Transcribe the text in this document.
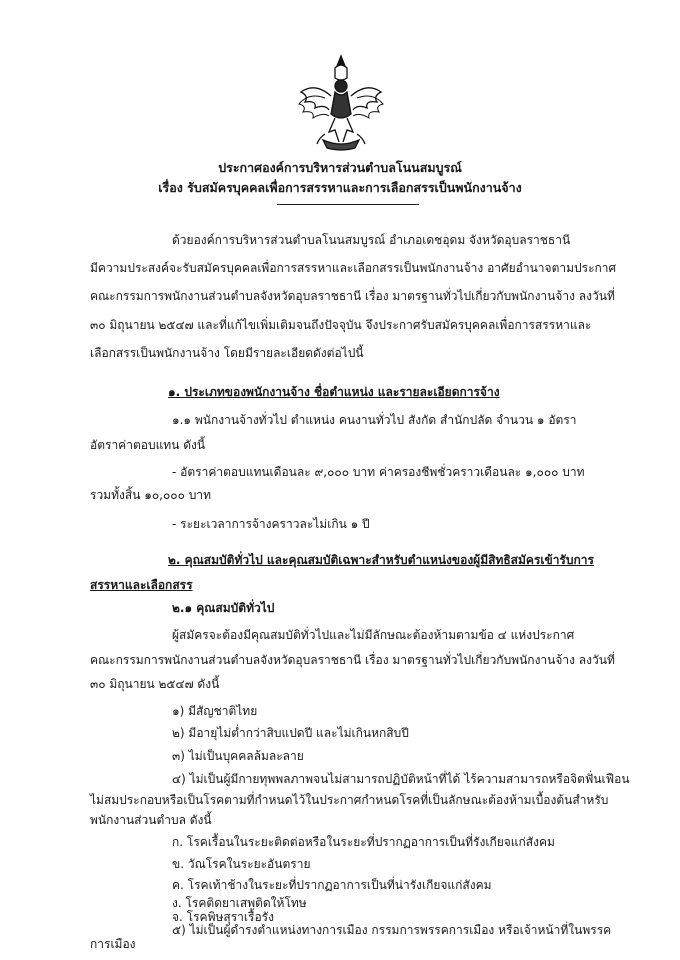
ประกาศองค์การบริหารส่วนตำบลโนนสมบูรณ์
เรื่อง รับสมัครบุคคลเพื่อการสรรหาและการเลือกสรรเป็นพนักงานจ้าง
ด้วยองค์การบริหารส่วนตำบลโนนสมบูรณ์ อำเภอเดชอุดม จังหวัดอุบลราชธานี
มีความประสงค์จะรับสมัครบุคคลเพื่อการสรรหาและเลือกสรรเป็นพนักงานจ้าง อาศัยอำนาจตามประกาศ
คณะกรรมการพนักงานส่วนตำบลจังหวัดอุบลราชธานี เรื่อง มาตรฐานทั่วไปเกี่ยวกับพนักงานจ้าง ลงวันที่
๓๐ มิถุนายน ๒๕๔๗ และที่แก้ไขเพิ่มเติมจนถึงปัจจุบัน จึงประกาศรับสมัครบุคคลเพื่อการสรรหาและ
เลือกสรรเป็นพนักงานจ้าง โดยมีรายละเอียดดังต่อไปนี้
๑. ประเภทของพนักงานจ้าง ชื่อตำแหน่ง และรายละเอียดการจ้าง
๑.๑ พนักงานจ้างทั่วไป ตำแหน่ง คนงานทั่วไป สังกัด สำนักปลัด จำนวน ๑ อัตรา
อัตราค่าตอบแทน ดังนี้
- อัตราค่าตอบแทนเดือนละ ๙,๐๐๐ บาท ค่าครองชีพชั่วคราวเดือนละ ๑,๐๐๐ บาท
รวมทั้งสิ้น ๑๐,๐๐๐ บาท
- ระยะเวลาการจ้างคราวละไม่เกิน ๑ ปี
๒. คุณสมบัติทั่วไป และคุณสมบัติเฉพาะสำหรับตำแหน่งของผู้มีสิทธิสมัครเข้ารับการ
สรรหาและเลือกสรร
๒.๑ คุณสมบัติทั่วไป
ผู้สมัครจะต้องมีคุณสมบัติทั่วไปและไม่มีลักษณะต้องห้ามตามข้อ ๔ แห่งประกาศ
คณะกรรมการพนักงานส่วนตำบลจังหวัดอุบลราชธานี เรื่อง มาตรฐานทั่วไปเกี่ยวกับพนักงานจ้าง ลงวันที่
๓๐ มิถุนายน ๒๕๔๗ ดังนี้
๑) มีสัญชาติไทย
๒) มีอายุไม่ต่ำกว่าสิบแปดปี และไม่เกินหกสิบปี
๓) ไม่เป็นบุคคลล้มละลาย
๔) ไม่เป็นผู้มีกายทุพพลภาพจนไม่สามารถปฏิบัติหน้าที่ได้ ไร้ความสามารถหรือจิตฟั่นเฟือน
ไม่สมประกอบหรือเป็นโรคตามที่กำหนดไว้ในประกาศกำหนดโรคที่เป็นลักษณะต้องห้ามเบื้องต้นสำหรับ
พนักงานส่วนตำบล ดังนี้
ก. โรคเรื้อนในระยะติดต่อหรือในระยะที่ปรากฏอาการเป็นที่รังเกียจแก่สังคม
ข. วัณโรคในระยะอันตราย
ค. โรคเท้าช้างในระยะที่ปรากฏอาการเป็นที่น่ารังเกียจแก่สังคม
ง. โรคติดยาเสพติดให้โทษ
จ. โรคพิษสุราเรื้อรัง
๕) ไม่เป็นผู้ดำรงตำแหน่งทางการเมือง กรรมการพรรคการเมือง หรือเจ้าหน้าที่ในพรรค
การเมือง
